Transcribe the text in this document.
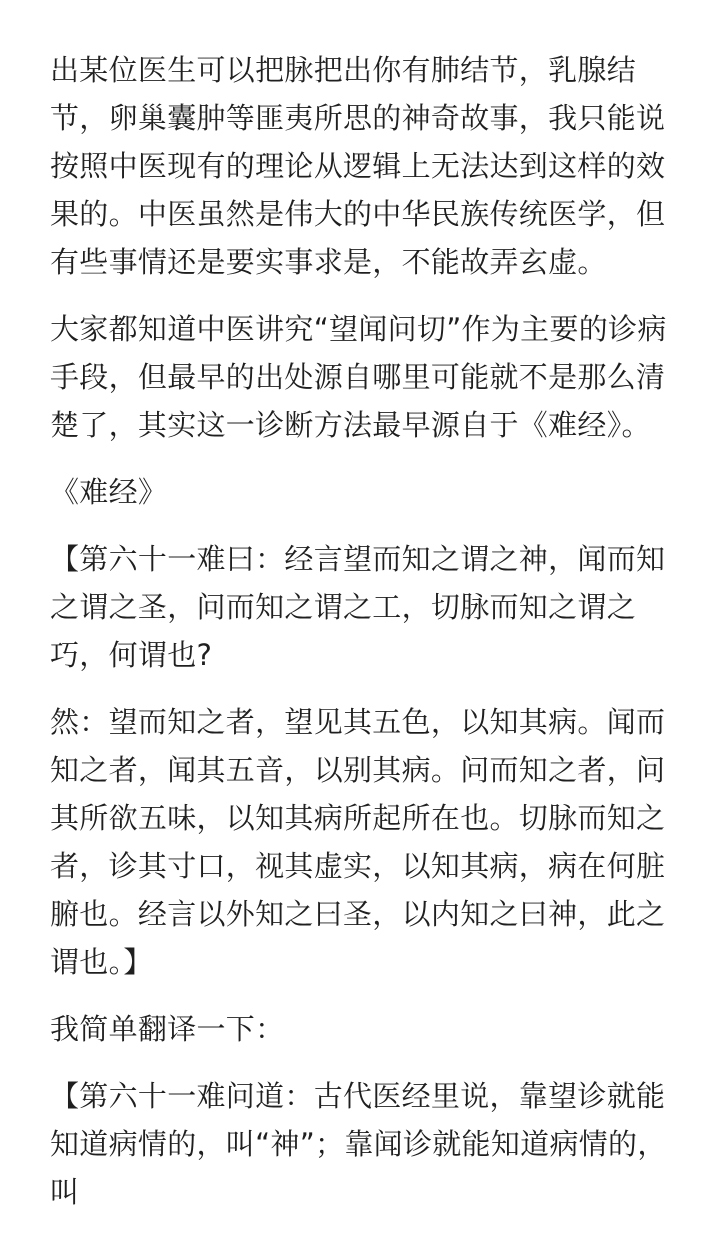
出某位医生可以把脉把出你有肺结节，乳腺结节，卵巢囊肿等匪夷所思的神奇故事，我只能说按照中医现有的理论从逻辑上无法达到这样的效果的。中医虽然是伟大的中华民族传统医学，但有些事情还是要实事求是，不能故弄玄虚。

大家都知道中医讲究“望闻问切”作为主要的诊病手段，但最早的出处源自哪里可能就不是那么清楚了，其实这一诊断方法最早源自于《难经》。

《难经》

【第六十一难曰：经言望而知之谓之神，闻而知之谓之圣，问而知之谓之工，切脉而知之谓之巧，何谓也?

然：望而知之者，望见其五色，以知其病。闻而知之者，闻其五音，以别其病。问而知之者，问其所欲五味，以知其病所起所在也。切脉而知之者，诊其寸口，视其虚实，以知其病，病在何脏腑也。经言以外知之曰圣，以内知之曰神，此之谓也。】

我简单翻译一下：

【第六十一难问道：古代医经里说，靠望诊就能知道病情的，叫“神”；靠闻诊就能知道病情的，叫
